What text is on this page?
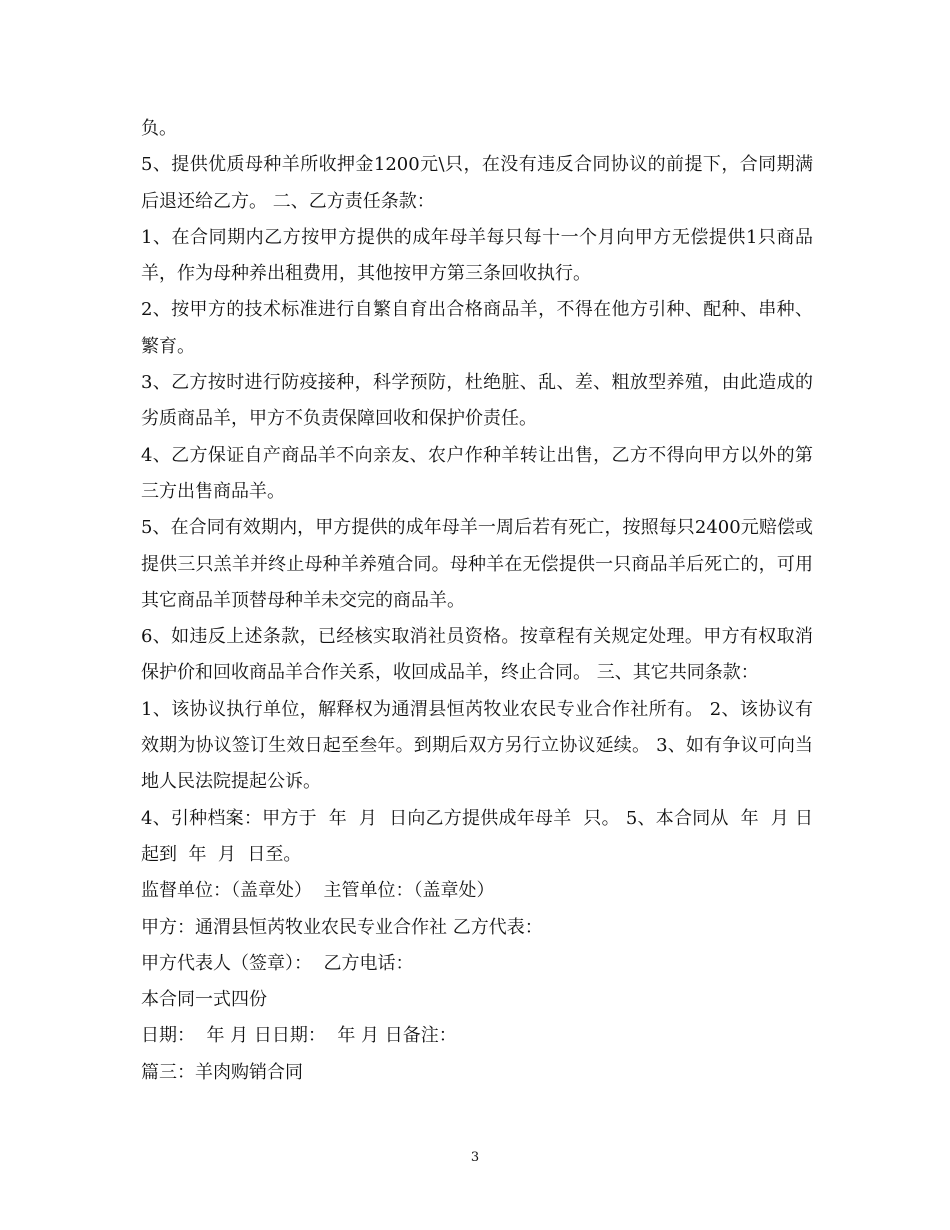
负。

5、提供优质母种羊所收押金1200元\只，在没有违反合同协议的前提下，合同期满后退还给乙方。 二、乙方责任条款：

1、在合同期内乙方按甲方提供的成年母羊每只每十一个月向甲方无偿提供1只商品羊，作为母种养出租费用，其他按甲方第三条回收执行。

2、按甲方的技术标准进行自繁自育出合格商品羊，不得在他方引种、配种、串种、繁育。

3、乙方按时进行防疫接种，科学预防，杜绝脏、乱、差、粗放型养殖，由此造成的劣质商品羊，甲方不负责保障回收和保护价责任。

4、乙方保证自产商品羊不向亲友、农户作种羊转让出售，乙方不得向甲方以外的第三方出售商品羊。

5、在合同有效期内，甲方提供的成年母羊一周后若有死亡，按照每只2400元赔偿或提供三只羔羊并终止母种羊养殖合同。母种羊在无偿提供一只商品羊后死亡的，可用其它商品羊顶替母种羊未交完的商品羊。

6、如违反上述条款，已经核实取消社员资格。按章程有关规定处理。甲方有权取消保护价和回收商品羊合作关系，收回成品羊，终止合同。 三、其它共同条款：

1、该协议执行单位，解释权为通渭县恒芮牧业农民专业合作社所有。 2、该协议有效期为协议签订生效日起至叁年。到期后双方另行立协议延续。 3、如有争议可向当地人民法院提起公诉。

4、引种档案：甲方于  年  月  日向乙方提供成年母羊  只。 5、本合同从  年  月 日起到  年  月  日至。

监督单位：（盖章处）  主管单位：（盖章处）

甲方：通渭县恒芮牧业农民专业合作社 乙方代表：

甲方代表人（签章）：  乙方电话：

本合同一式四份

日期：  年 月 日日期：  年 月 日备注：

篇三：羊肉购销合同

3
